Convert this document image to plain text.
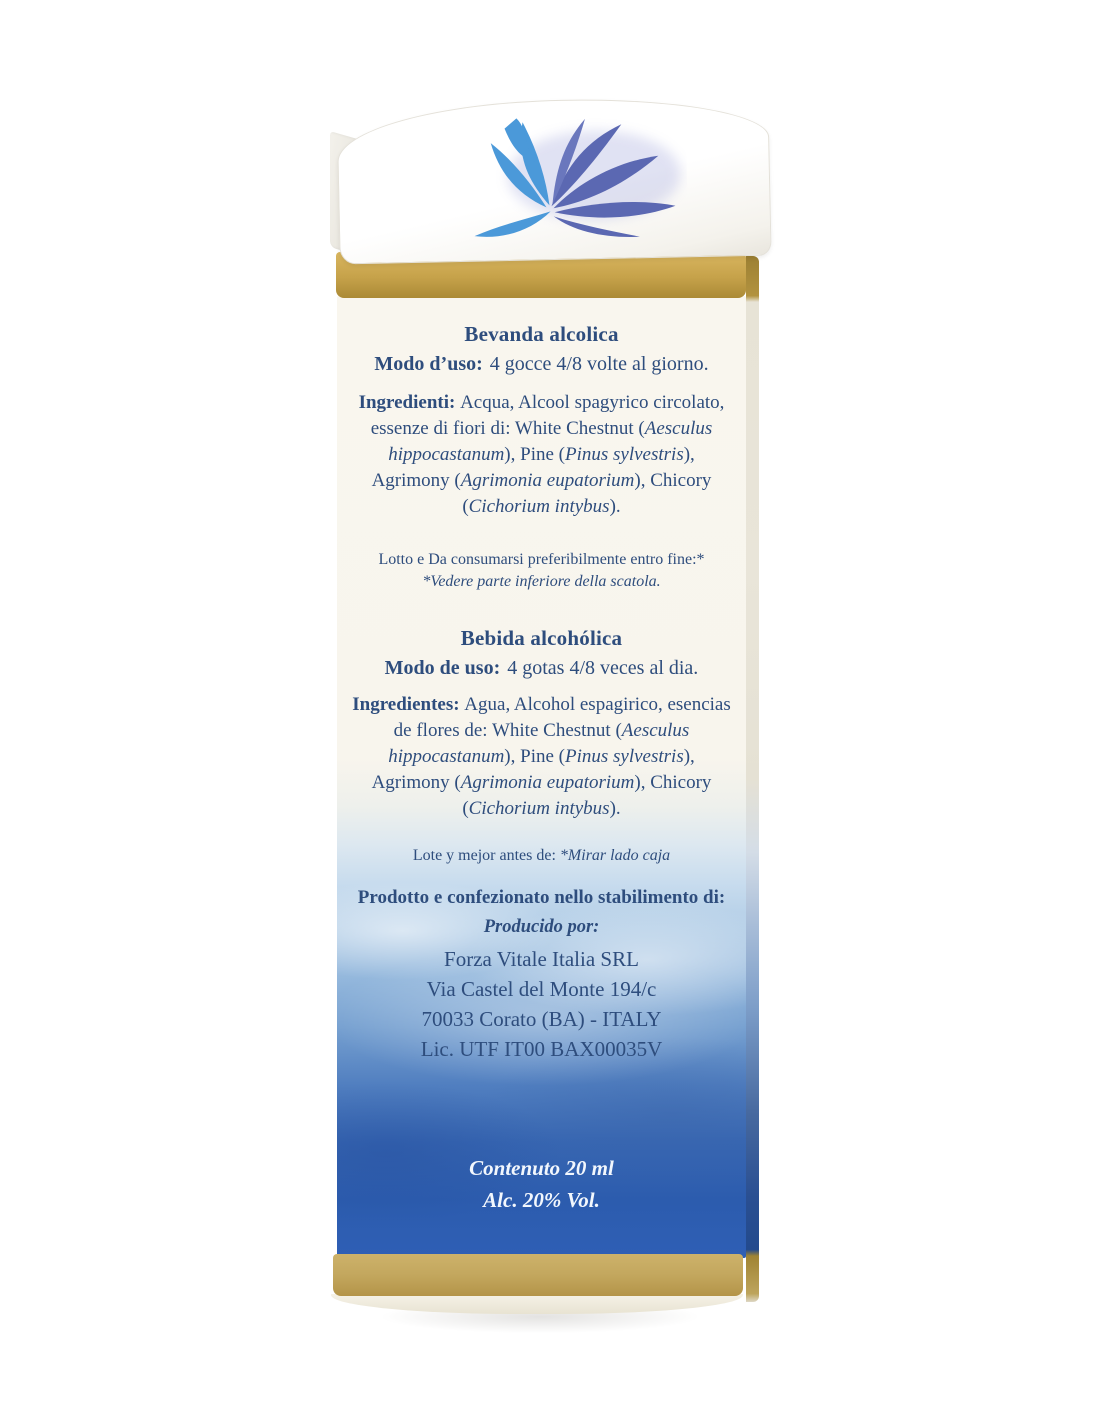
Bevanda alcolica
Modo d’uso: 4 gocce 4/8 volte al giorno.

Ingredienti: Acqua, Alcool spagyrico circolato, essenze di fiori di: White Chestnut (Aesculus hippocastanum), Pine (Pinus sylvestris), Agrimony (Agrimonia eupatorium), Chicory (Cichorium intybus).

Lotto e Da consumarsi preferibilmente entro fine:*
*Vedere parte inferiore della scatola.
Bebida alcohólica
Modo de uso: 4 gotas 4/8 veces al dia.

Ingredientes: Agua, Alcohol espagirico, esencias de flores de: White Chestnut (Aesculus hippocastanum), Pine (Pinus sylvestris), Agrimony (Agrimonia eupatorium), Chicory (Cichorium intybus).

Lote y mejor antes de: *Mirar lado caja
Prodotto e confezionato nello stabilimento di:
Producido por:
Forza Vitale Italia SRL
Via Castel del Monte 194/c
70033 Corato (BA) - ITALY
Lic. UTF IT00 BAX00035V
Contenuto 20 ml
Alc. 20% Vol.
